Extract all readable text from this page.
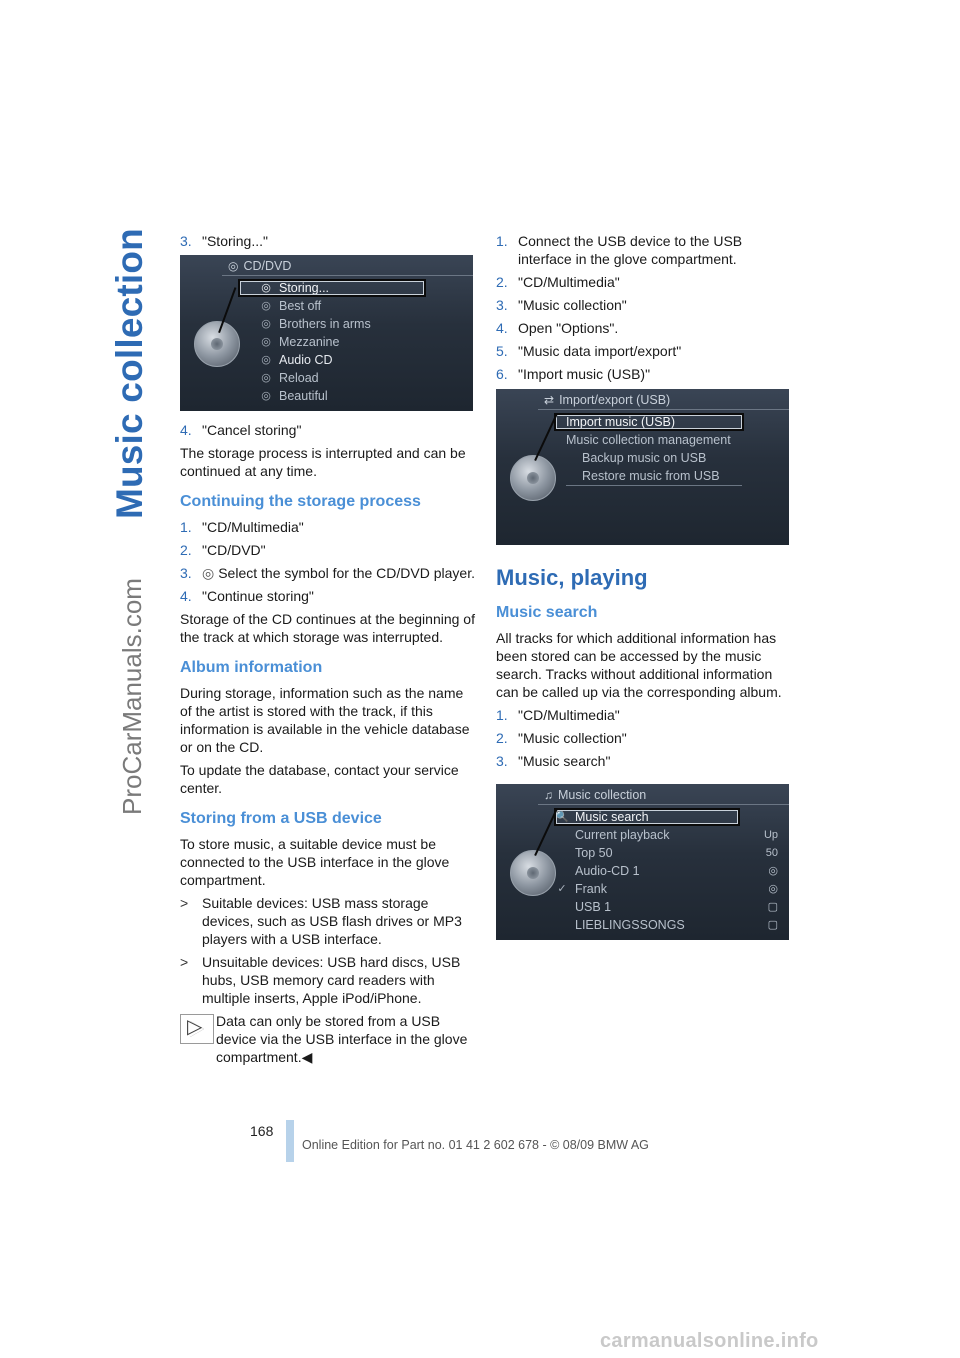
Music collection
ProCarManuals.com
3. "Storing..."
◎ CD/DVD
◎ Storing...
◎ Best off
◎ Brothers in arms
◎ Mezzanine
◎ Audio CD
◎ Reload
◎ Beautiful
4. "Cancel storing"

The storage process is interrupted and can be continued at any time.

Continuing the storage process
1. "CD/Multimedia"
2. "CD/DVD"
3. ◎ Select the symbol for the CD/DVD player.
4. "Continue storing"

Storage of the CD continues at the beginning of the track at which storage was interrupted.

Album information

During storage, information such as the name of the artist is stored with the track, if this information is available in the vehicle database or on the CD.

To update the database, contact your service center.

Storing from a USB device

To store music, a suitable device must be connected to the USB interface in the glove compartment.

> Suitable devices: USB mass storage devices, such as USB flash drives or MP3 players with a USB interface.
> Unsuitable devices: USB hard discs, USB hubs, USB memory card readers with multiple inserts, Apple iPod/iPhone.
▷ Data can only be stored from a USB device via the USB interface in the glove compartment.◀
1. Connect the USB device to the USB interface in the glove compartment.
2. "CD/Multimedia"
3. "Music collection"
4. Open "Options".
5. "Music data import/export"
6. "Import music (USB)"
⇄ Import/export (USB)
Import music (USB)
Music collection management
Backup music on USB
Restore music from USB
Music, playing
Music search

All tracks for which additional information has been stored can be accessed by the music search. Tracks without additional information can be called up via the corresponding album.

1. "CD/Multimedia"
2. "Music collection"
3. "Music search"
♫ Music collection
🔍 Music search
Current playback	Up
Top 50	50
Audio-CD 1	◎
✓ Frank	◎
USB 1	▢
LIEBLINGSSONGS	▢
168
Online Edition for Part no. 01 41 2 602 678 - © 08/09 BMW AG
carmanualsonline.info
